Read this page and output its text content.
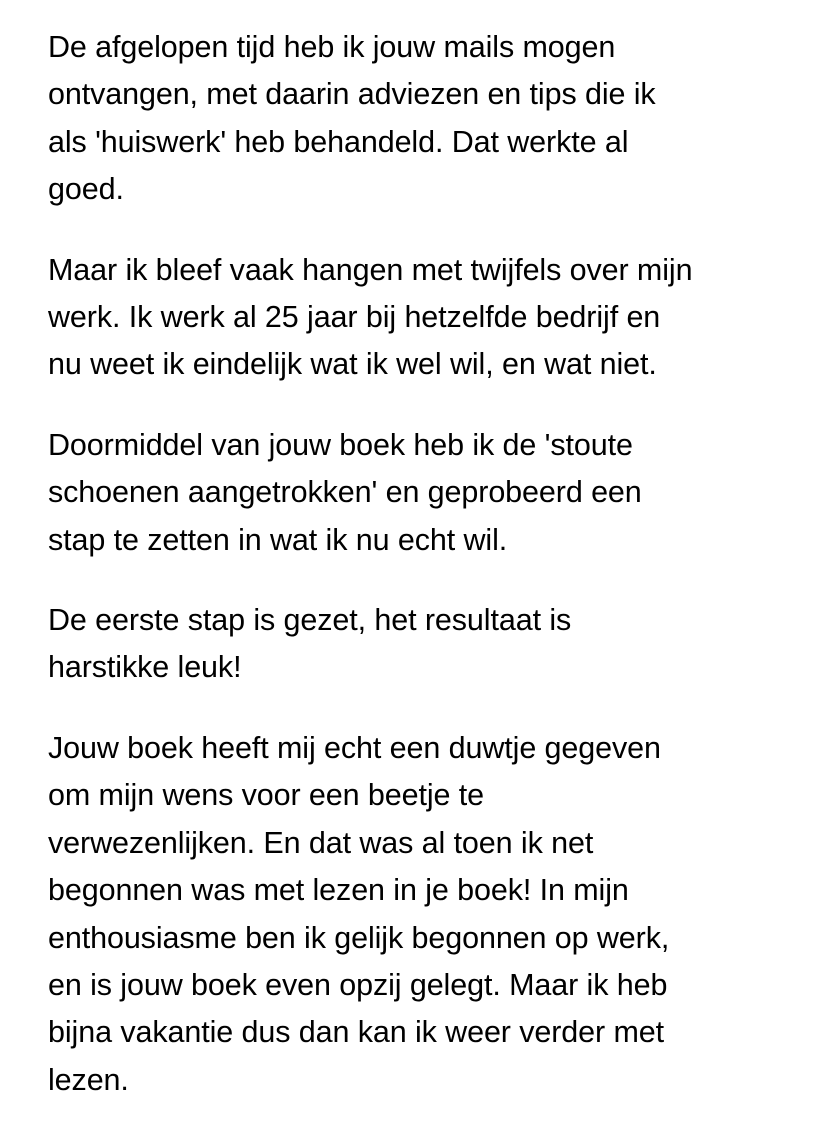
De afgelopen tijd heb ik jouw mails mogen
ontvangen, met daarin adviezen en tips die ik
als 'huiswerk' heb behandeld. Dat werkte al
goed.

Maar ik bleef vaak hangen met twijfels over mijn
werk. Ik werk al 25 jaar bij hetzelfde bedrijf en
nu weet ik eindelijk wat ik wel wil, en wat niet.

Doormiddel van jouw boek heb ik de 'stoute
schoenen aangetrokken' en geprobeerd een
stap te zetten in wat ik nu echt wil.

De eerste stap is gezet, het resultaat is
harstikke leuk!

Jouw boek heeft mij echt een duwtje gegeven
om mijn wens voor een beetje te
verwezenlijken. En dat was al toen ik net
begonnen was met lezen in je boek! In mijn
enthousiasme ben ik gelijk begonnen op werk,
en is jouw boek even opzij gelegt. Maar ik heb
bijna vakantie dus dan kan ik weer verder met
lezen.
